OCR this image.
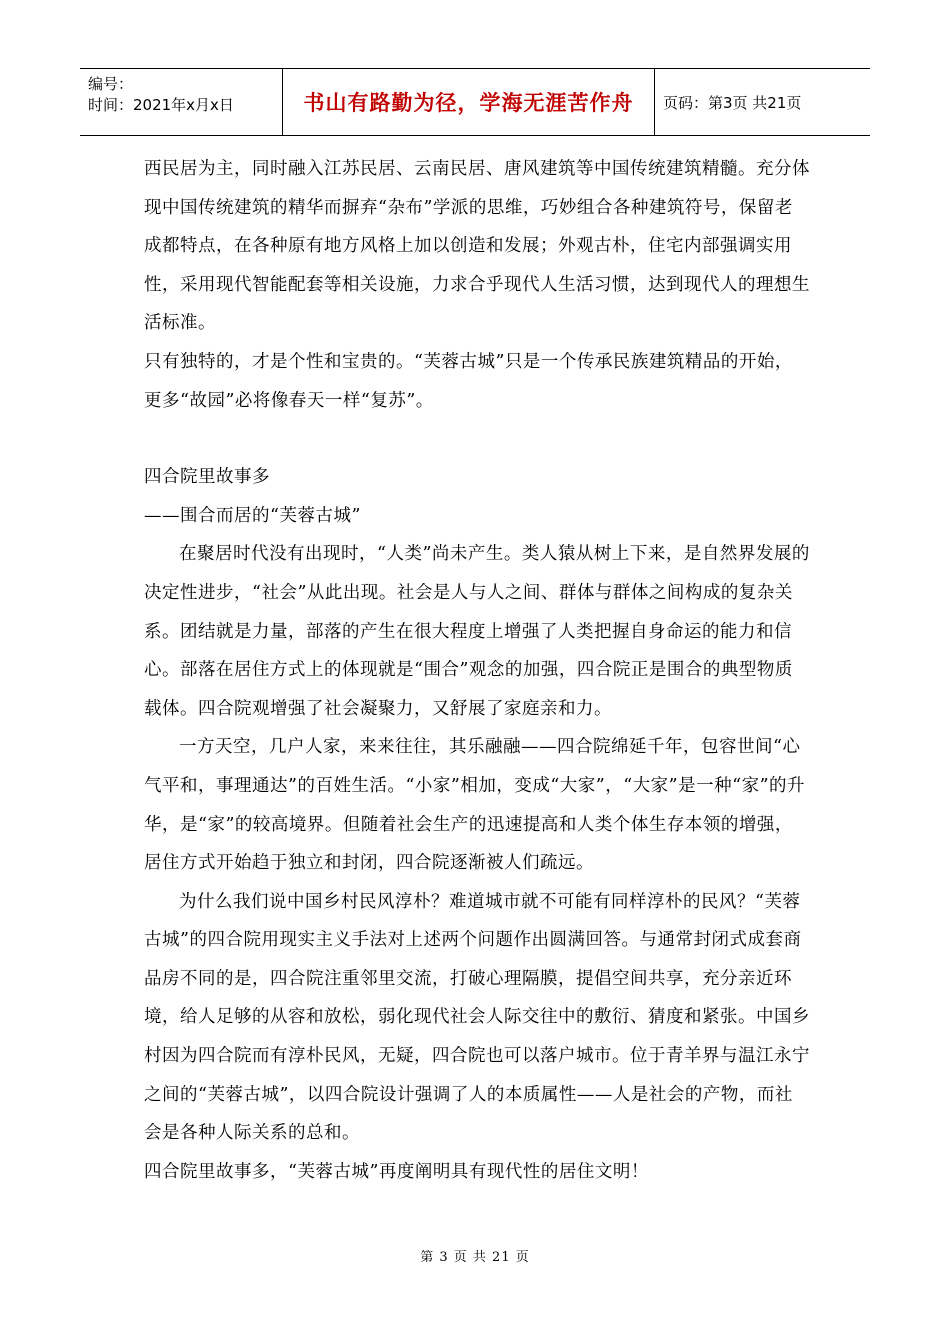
编号：
时间：2021年x月x日	书山有路勤为径，学海无涯苦作舟	页码：第3页 共21页

西民居为主，同时融入江苏民居、云南民居、唐风建筑等中国传统建筑精髓。充分体现中国传统建筑的精华而摒弃“杂布”学派的思维，巧妙组合各种建筑符号，保留老成都特点，在各种原有地方风格上加以创造和发展；外观古朴，住宅内部强调实用性，采用现代智能配套等相关设施，力求合乎现代人生活习惯，达到现代人的理想生活标准。

只有独特的，才是个性和宝贵的。“芙蓉古城”只是一个传承民族建筑精品的开始，更多“故园”必将像春天一样“复苏”。

四合院里故事多

——围合而居的“芙蓉古城”

在聚居时代没有出现时，“人类”尚未产生。类人猿从树上下来，是自然界发展的决定性进步，“社会”从此出现。社会是人与人之间、群体与群体之间构成的复杂关系。团结就是力量，部落的产生在很大程度上增强了人类把握自身命运的能力和信心。部落在居住方式上的体现就是“围合”观念的加强，四合院正是围合的典型物质载体。四合院观增强了社会凝聚力，又舒展了家庭亲和力。

一方天空，几户人家，来来往往，其乐融融——四合院绵延千年，包容世间“心气平和，事理通达”的百姓生活。“小家”相加，变成“大家”，“大家”是一种“家”的升华，是“家”的较高境界。但随着社会生产的迅速提高和人类个体生存本领的增强，居住方式开始趋于独立和封闭，四合院逐渐被人们疏远。

为什么我们说中国乡村民风淳朴？难道城市就不可能有同样淳朴的民风？“芙蓉古城”的四合院用现实主义手法对上述两个问题作出圆满回答。与通常封闭式成套商品房不同的是，四合院注重邻里交流，打破心理隔膜，提倡空间共享，充分亲近环境，给人足够的从容和放松，弱化现代社会人际交往中的敷衍、猜度和紧张。中国乡村因为四合院而有淳朴民风，无疑，四合院也可以落户城市。位于青羊界与温江永宁之间的“芙蓉古城”，以四合院设计强调了人的本质属性——人是社会的产物，而社会是各种人际关系的总和。

四合院里故事多，“芙蓉古城”再度阐明具有现代性的居住文明！

第 3 页 共 21 页
